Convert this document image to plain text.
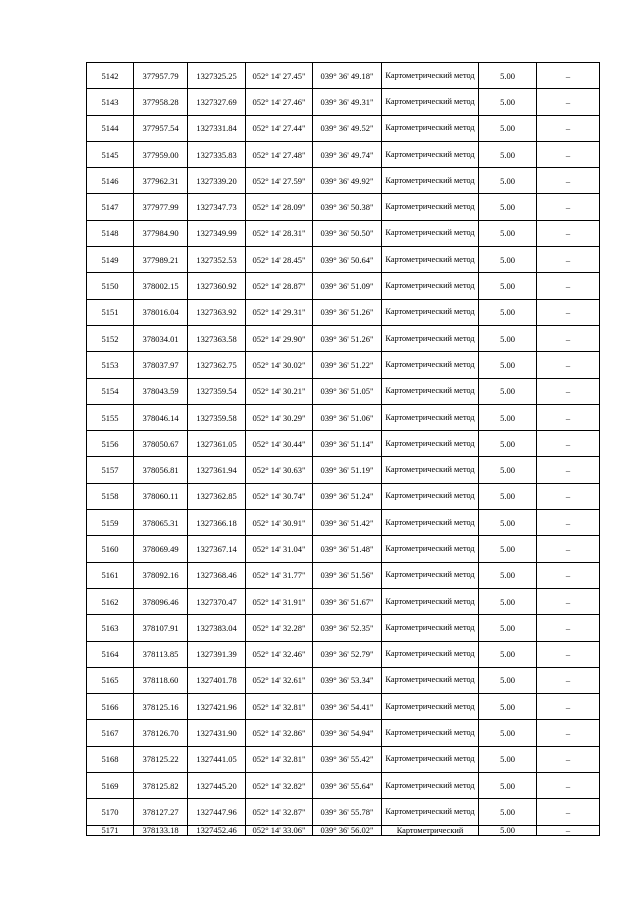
5142	377957.79	1327325.25	052° 14' 27.45"	039° 36' 49.18"	Картометрический метод	5.00	–
5143	377958.28	1327327.69	052° 14' 27.46"	039° 36' 49.31"	Картометрический метод	5.00	–
5144	377957.54	1327331.84	052° 14' 27.44"	039° 36' 49.52"	Картометрический метод	5.00	–
5145	377959.00	1327335.83	052° 14' 27.48"	039° 36' 49.74"	Картометрический метод	5.00	–
5146	377962.31	1327339.20	052° 14' 27.59"	039° 36' 49.92"	Картометрический метод	5.00	–
5147	377977.99	1327347.73	052° 14' 28.09"	039° 36' 50.38"	Картометрический метод	5.00	–
5148	377984.90	1327349.99	052° 14' 28.31"	039° 36' 50.50"	Картометрический метод	5.00	–
5149	377989.21	1327352.53	052° 14' 28.45"	039° 36' 50.64"	Картометрический метод	5.00	–
5150	378002.15	1327360.92	052° 14' 28.87"	039° 36' 51.09"	Картометрический метод	5.00	–
5151	378016.04	1327363.92	052° 14' 29.31"	039° 36' 51.26"	Картометрический метод	5.00	–
5152	378034.01	1327363.58	052° 14' 29.90"	039° 36' 51.26"	Картометрический метод	5.00	–
5153	378037.97	1327362.75	052° 14' 30.02"	039° 36' 51.22"	Картометрический метод	5.00	–
5154	378043.59	1327359.54	052° 14' 30.21"	039° 36' 51.05"	Картометрический метод	5.00	–
5155	378046.14	1327359.58	052° 14' 30.29"	039° 36' 51.06"	Картометрический метод	5.00	–
5156	378050.67	1327361.05	052° 14' 30.44"	039° 36' 51.14"	Картометрический метод	5.00	–
5157	378056.81	1327361.94	052° 14' 30.63"	039° 36' 51.19"	Картометрический метод	5.00	–
5158	378060.11	1327362.85	052° 14' 30.74"	039° 36' 51.24"	Картометрический метод	5.00	–
5159	378065.31	1327366.18	052° 14' 30.91"	039° 36' 51.42"	Картометрический метод	5.00	–
5160	378069.49	1327367.14	052° 14' 31.04"	039° 36' 51.48"	Картометрический метод	5.00	–
5161	378092.16	1327368.46	052° 14' 31.77"	039° 36' 51.56"	Картометрический метод	5.00	–
5162	378096.46	1327370.47	052° 14' 31.91"	039° 36' 51.67"	Картометрический метод	5.00	–
5163	378107.91	1327383.04	052° 14' 32.28"	039° 36' 52.35"	Картометрический метод	5.00	–
5164	378113.85	1327391.39	052° 14' 32.46"	039° 36' 52.79"	Картометрический метод	5.00	–
5165	378118.60	1327401.78	052° 14' 32.61"	039° 36' 53.34"	Картометрический метод	5.00	–
5166	378125.16	1327421.96	052° 14' 32.81"	039° 36' 54.41"	Картометрический метод	5.00	–
5167	378126.70	1327431.90	052° 14' 32.86"	039° 36' 54.94"	Картометрический метод	5.00	–
5168	378125.22	1327441.05	052° 14' 32.81"	039° 36' 55.42"	Картометрический метод	5.00	–
5169	378125.82	1327445.20	052° 14' 32.82"	039° 36' 55.64"	Картометрический метод	5.00	–
5170	378127.27	1327447.96	052° 14' 32.87"	039° 36' 55.78"	Картометрический метод	5.00	–
5171	378133.18	1327452.46	052° 14' 33.06"	039° 36' 56.02"	Картометрический	5.00	–
